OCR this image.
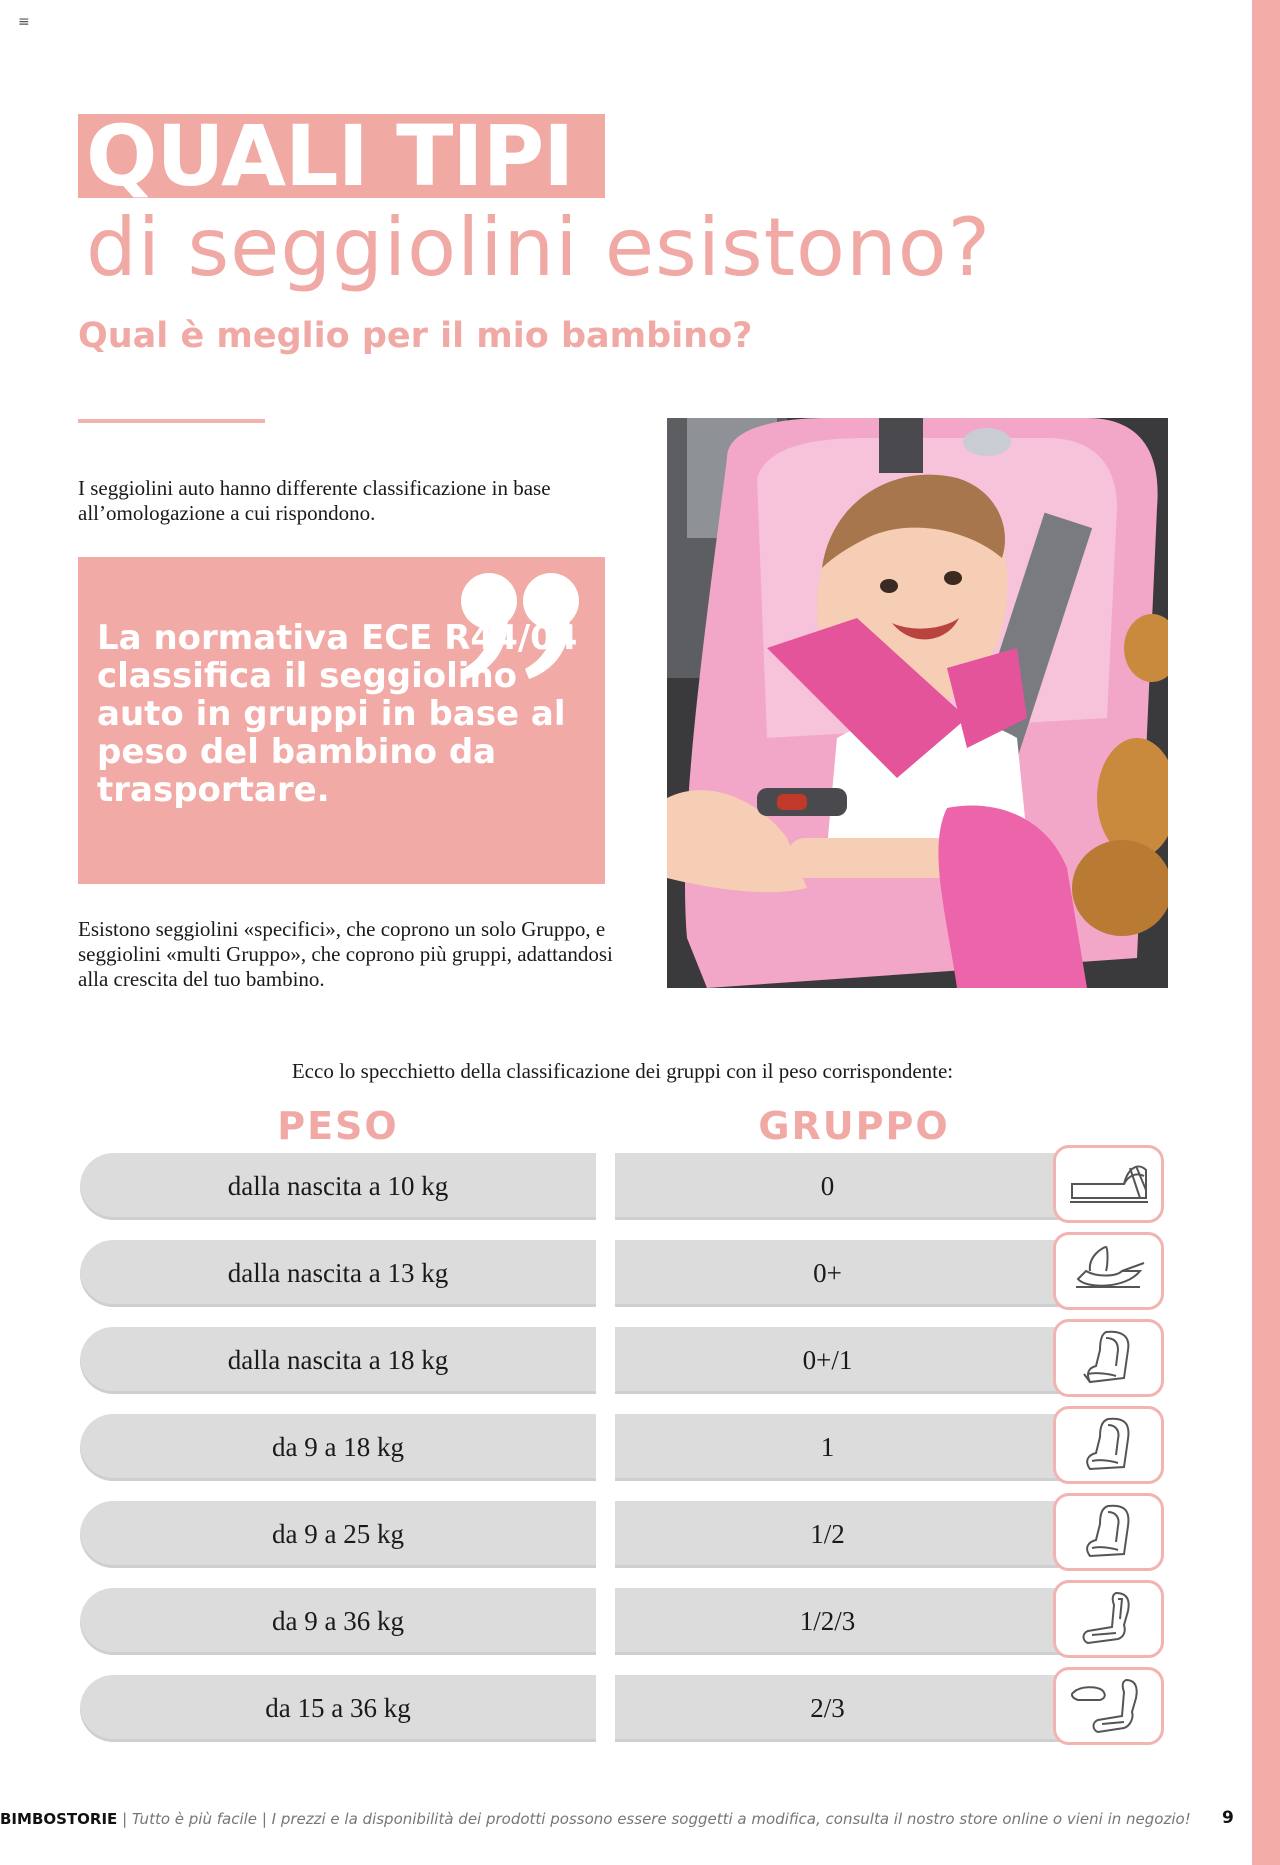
≡
QUALI TIPI
di seggiolini esistono?
Qual è meglio per il mio bambino?

I seggiolini auto hanno differente classificazione in base all’omologazione a cui rispondono.

La normativa ECE R44/04 classifica il seggiolino auto in gruppi in base al peso del bambino da trasportare.

Esistono seggiolini «specifici», che coprono un solo Gruppo, e seggiolini «multi Gruppo», che coprono più gruppi, adattandosi alla crescita del tuo bambino.

Ecco lo specchietto della classificazione dei gruppi con il peso corrispondente:

PESO	GRUPPO
dalla nascita a 10 kg	0
dalla nascita a 13 kg	0+
dalla nascita a 18 kg	0+/1
da 9 a 18 kg	1
da 9 a 25 kg	1/2
da 9 a 36 kg	1/2/3
da 15 a 36 kg	2/3

BIMBOSTORIE | Tutto è più facile | I prezzi e la disponibilità dei prodotti possono essere soggetti a modifica, consulta il nostro store online o vieni in negozio!	9
